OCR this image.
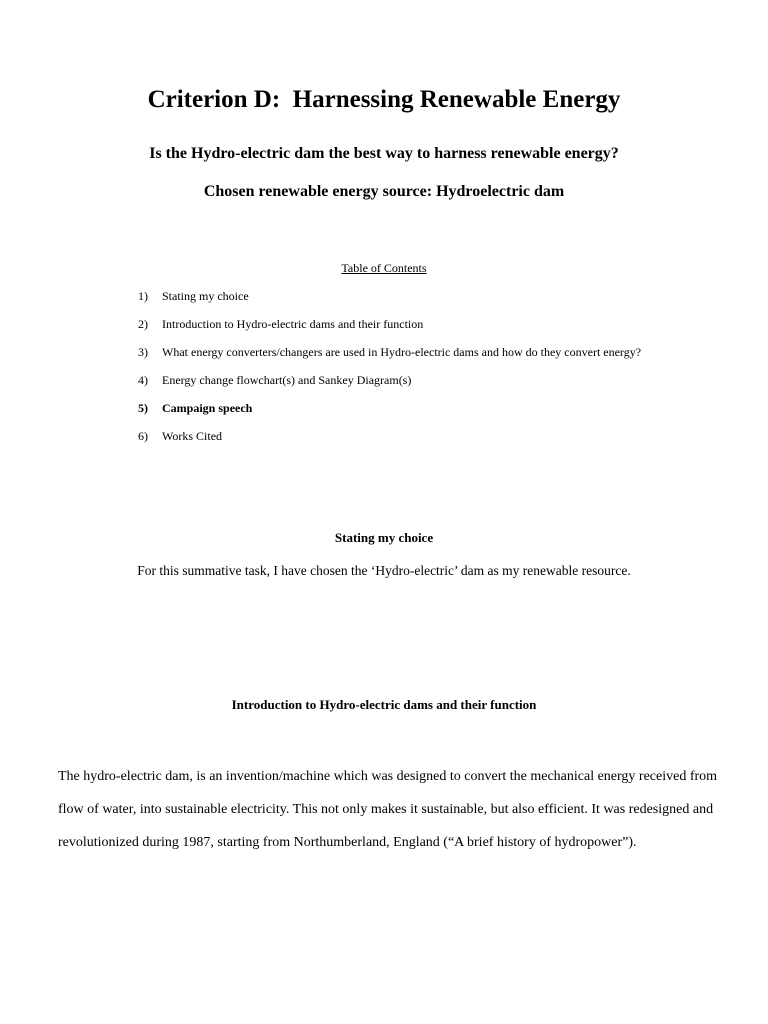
Criterion D:  Harnessing Renewable Energy
Is the Hydro-electric dam the best way to harness renewable energy?
Chosen renewable energy source: Hydroelectric dam
Table of Contents
1) Stating my choice
2) Introduction to Hydro-electric dams and their function
3) What energy converters/changers are used in Hydro-electric dams and how do they convert energy?
4) Energy change flowchart(s) and Sankey Diagram(s)
5) Campaign speech
6) Works Cited
Stating my choice
For this summative task, I have chosen the ‘Hydro-electric’ dam as my renewable resource.
Introduction to Hydro-electric dams and their function

The hydro-electric dam, is an invention/machine which was designed to convert the mechanical energy received from flow of water, into sustainable electricity. This not only makes it sustainable, but also efficient. It was redesigned and revolutionized during 1987, starting from Northumberland, England (“A brief history of hydropower”).
